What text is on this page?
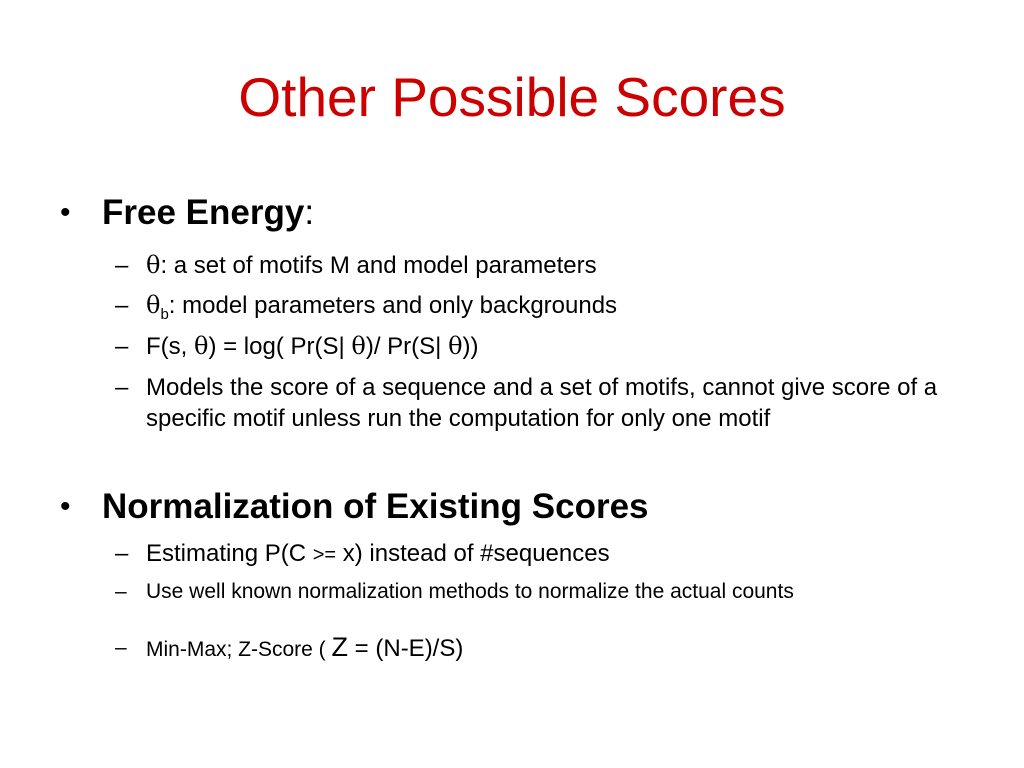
Other Possible Scores
• Free Energy:
– θ: a set of motifs M and model parameters
– $\theta_b$: model parameters and only backgrounds
– F(s, θ) = log( Pr(S| θ)/ Pr(S| θ))
– Models the score of a sequence and a set of motifs, cannot give score of a specific motif unless run the computation for only one motif
• Normalization of Existing Scores
– Estimating P(C >= x) instead of #sequences
– Use well known normalization methods to normalize the actual counts
– Min-Max; Z-Score ( Z = (N-E)/S)
